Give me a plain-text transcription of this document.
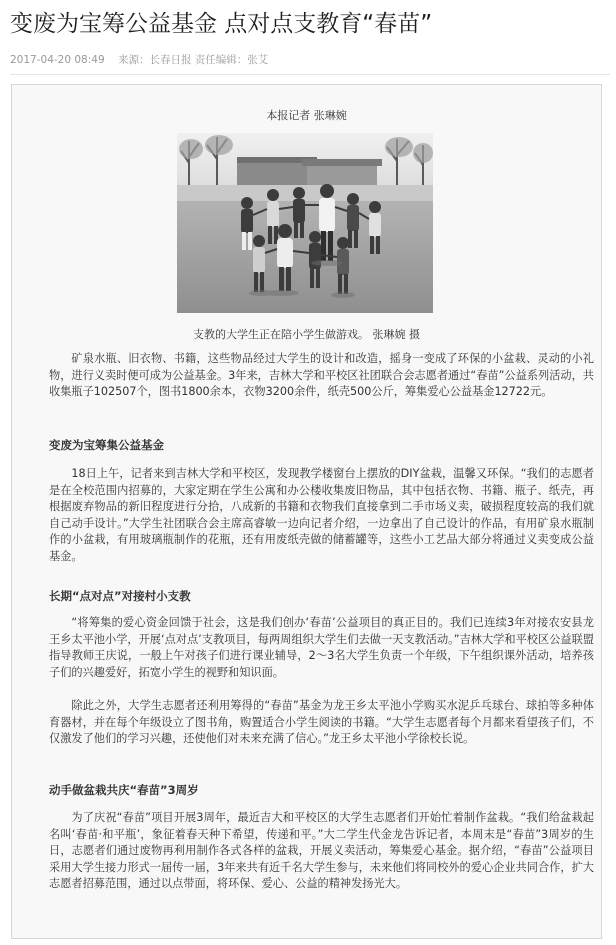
变废为宝筹公益基金 点对点支教育“春苗”
2017-04-20 08:49 来源：长春日报 责任编辑：张艾
本报记者 张琳婉
支教的大学生正在陪小学生做游戏。 张琳婉 摄

矿泉水瓶、旧衣物、书籍，这些物品经过大学生的设计和改造，摇身一变成了环保的小盆栽、灵动的小礼物，进行义卖时便可成为公益基金。3年来，吉林大学和平校区社团联合会志愿者通过“春苗”公益系列活动，共收集瓶子102507个，图书1800余本，衣物3200余件，纸壳500公斤，筹集爱心公益基金12722元。

变废为宝筹集公益基金

18日上午，记者来到吉林大学和平校区，发现教学楼窗台上摆放的DIY盆栽，温馨又环保。“我们的志愿者是在全校范围内招募的，大家定期在学生公寓和办公楼收集废旧物品，其中包括衣物、书籍、瓶子、纸壳，再根据废弃物品的新旧程度进行分拾，八成新的书籍和衣物我们直接拿到二手市场义卖，破损程度较高的我们就自己动手设计。”大学生社团联合会主席高睿敏一边向记者介绍，一边拿出了自己设计的作品，有用矿泉水瓶制作的小盆栽，有用玻璃瓶制作的花瓶，还有用废纸壳做的储蓄罐等，这些小工艺品大部分将通过义卖变成公益基金。

长期“点对点”对接村小支教

“将筹集的爱心资金回馈于社会，这是我们创办‘春苗’公益项目的真正目的。我们已连续3年对接农安县龙王乡太平池小学，开展‘点对点’支教项目，每两周组织大学生们去做一天支教活动。”吉林大学和平校区公益联盟指导教师王庆说，一般上午对孩子们进行课业辅导，2～3名大学生负责一个年级，下午组织课外活动，培养孩子们的兴趣爱好，拓宽小学生的视野和知识面。

除此之外，大学生志愿者还利用筹得的“春苗”基金为龙王乡太平池小学购买水泥乒乓球台、球拍等多种体育器材，并在每个年级设立了图书角，购置适合小学生阅读的书籍。“大学生志愿者每个月都来看望孩子们，不仅激发了他们的学习兴趣，还使他们对未来充满了信心。”龙王乡太平池小学徐校长说。

动手做盆栽共庆“春苗”3周岁

为了庆祝“春苗”项目开展3周年，最近吉大和平校区的大学生志愿者们开始忙着制作盆栽。“我们给盆栽起名叫‘春苗·和平瓶’，象征着春天种下希望，传递和平。”大二学生代金龙告诉记者，本周末是“春苗”3周岁的生日，志愿者们通过废物再利用制作各式各样的盆栽，开展义卖活动，筹集爱心基金。据介绍，“春苗”公益项目采用大学生接力形式一届传一届，3年来共有近千名大学生参与，未来他们将同校外的爱心企业共同合作，扩大志愿者招募范围，通过以点带面，将环保、爱心、公益的精神发扬光大。
